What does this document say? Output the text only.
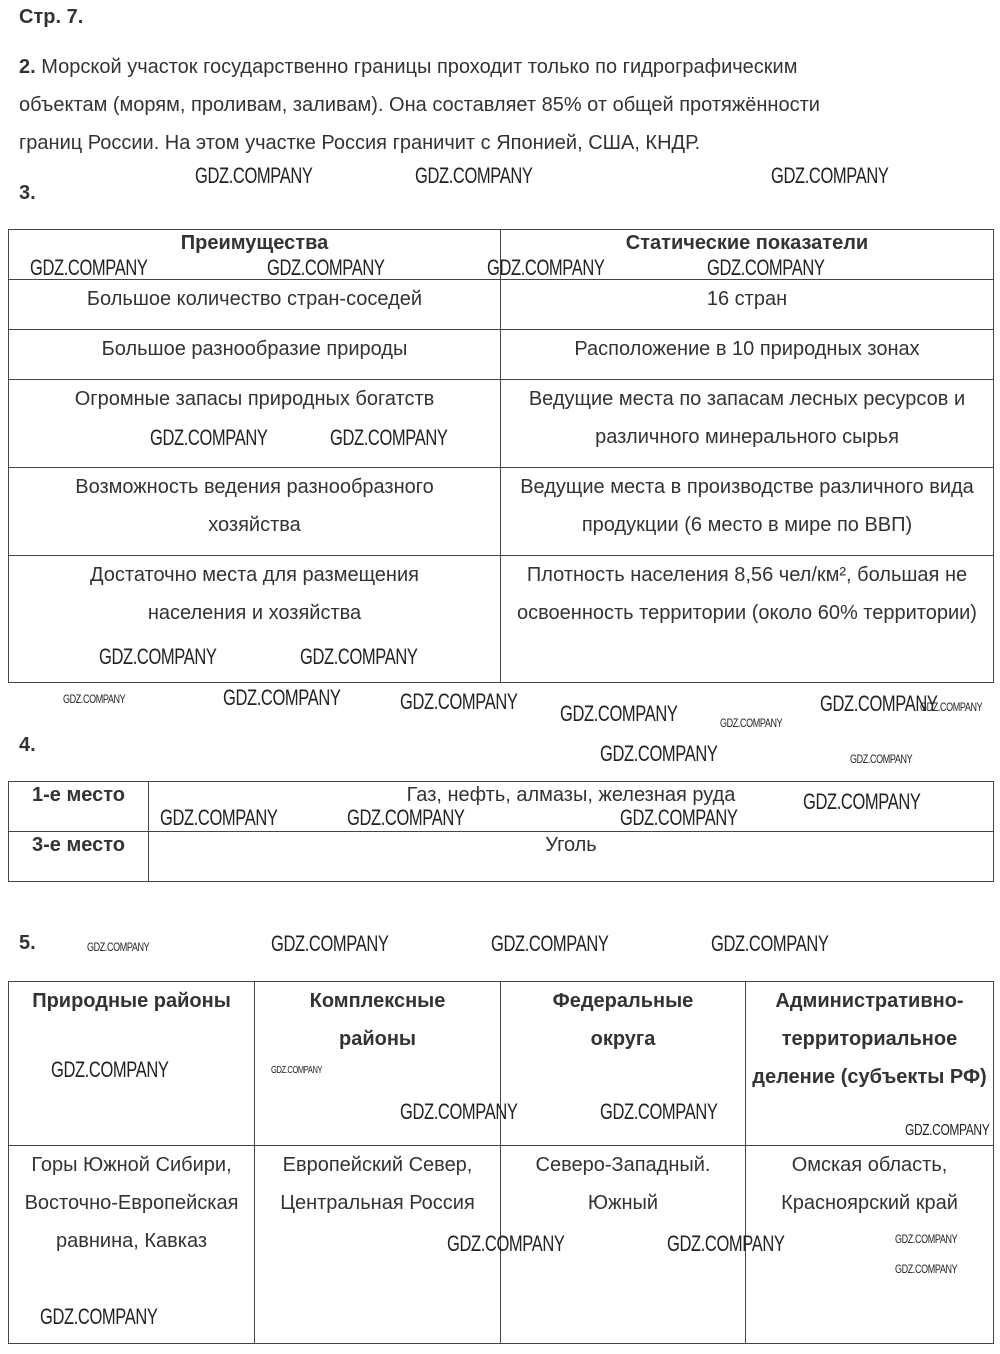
Стр. 7.
2. Морской участок государственно границы проходит только по гидрографическим
объектам (морям, проливам, заливам). Она составляет 85% от общей протяжённости
границ России. На этом участке Россия граничит с Японией, США, КНДР.
3.
Преимущества	Статические показатели
Большое количество стран-соседей	16 стран
Большое разнообразие природы	Расположение в 10 природных зонах
Огромные запасы природных богатств	Ведущие места по запасам лесных ресурсов и различного минерального сырья
Возможность ведения разнообразного хозяйства	Ведущие места в производстве различного вида продукции (6 место в мире по ВВП)
Достаточно места для размещения населения и хозяйства	Плотность населения 8,56 чел/км², большая не освоенность территории (около 60% территории)
4.
1-е место	Газ, нефть, алмазы, железная руда
3-е место	Уголь
5.
Природные районы	Комплексные районы	Федеральные округа	Административно-территориальное деление (субъекты РФ)
Горы Южной Сибири, Восточно-Европейская равнина, Кавказ	Европейский Север, Центральная Россия	Северо-Западный. Южный	Омская область, Красноярский край
GDZ.COMPANY	GDZ.COMPANY	GDZ.COMPANY
GDZ.COMPANY	GDZ.COMPANY	GDZ.COMPANY	GDZ.COMPANY
GDZ.COMPANY	GDZ.COMPANY
GDZ.COMPANY	GDZ.COMPANY
GDZ.COMPANY	GDZ.COMPANY
GDZ.COMPANY	GDZ.COMPANY
GDZ.COMPANY
GDZ.COMPANY	GDZ.COMPANY
GDZ.COMPANY
GDZ.COMPANY
GDZ.COMPANY	GDZ.COMPANY	GDZ.COMPANY
GDZ.COMPANY
GDZ.COMPANY	GDZ.COMPANY	GDZ.COMPANY	GDZ.COMPANY
GDZ.COMPANY	GDZ.COMPANY
GDZ.COMPANY	GDZ.COMPANY
GDZ.COMPANY
GDZ.COMPANY
GDZ.COMPANY
GDZ.COMPANY	GDZ.COMPANY
GDZ.COMPANY
